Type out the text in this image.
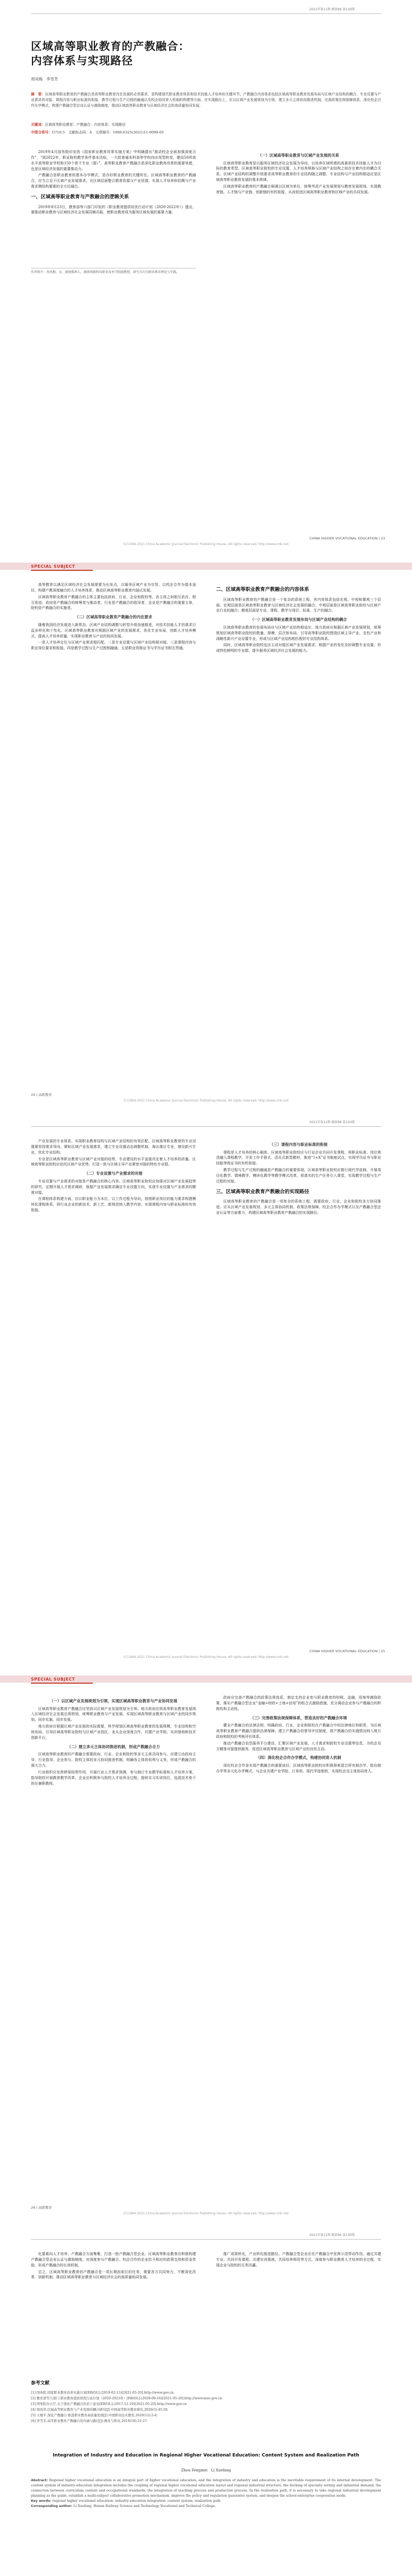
2021年第11期 總第96 第130期
区域高等职业教育的产教融合：
内容体系与实现路径
周凤梅　李雪芳
摘　要：区域高等职业教育的产教融合是高等职业教育内在发展的必然要求，是构建现代职业教育体系和技术技能人才培养的关键环节。产教融合内容体系包括区域高等职业教育发展布局与区域产业结构的耦合、专业设置与产业需求的对接、课程内容与职业标准的衔接、教学过程与生产过程的融通以及校企协同育人机制的构建等方面。在实现路径上，应以区域产业发展规划为引领，建立多元主体协同推进机制，完善政策法规保障体系，深化校企合作办学模式，构建产教融合型企业认证与激励制度，推动区域高等职业教育与区域经济社会的高质量协同发展。
关键词：区域高等职业教育；产教融合；内容体系；实现路径
中图分类号：G718.5　文献标志码：A　文章编号：1008-0325(2021)11-0090-05

2019年4月国务院印发的《国家职业教育改革实施方案》中明确提出“推动校企全面加强深度合作”，“到2022年，职业院校教学条件基本达标，一大批普通本科高等学校向应用型转变，建设50所高水平高等职业学校和150个骨干专业（群）”。高等职业教育产教融合是深化职业教育改革的重要举措，也是区域经济发展的重要推动力。

产教融合是职业教育的基本办学模式，是办好职业教育的关键所在。区域高等职业教育的产教融合，应当立足于区域产业发展需求，在区域层面整合教育资源与产业资源，实现人才培养供给侧与产业需求侧结构要素的全方位融合。

一、区域高等职业教育与产教融合的逻辑关系

2019年8月23日，教育部等六部门印发的《职业教育提质培优行动计划（2020-2022年）》提出，要推动职业教育与区域经济社会发展同频共振，使职业教育成为服务区域发展的重要力量。

（一）区域高等职业教育与区域产业发展的关系

区域高等职业教育是以服务区域经济社会发展为导向，以培养区域所需的高素质技术技能人才为目标的教育类型。区域高等职业院校的专业设置、人才培养规格与区域产业结构之间存在着内在的耦合关系。区域产业结构的调整升级要求高等职业教育的专业结构随之调整，专业结构与产业结构相适应是区域高等职业教育发展的基本规律。

区域高等职业教育的产教融合强调以区域为单位，统筹考虑产业发展规划与教育发展规划，实现教育链、人才链与产业链、创新链的有机衔接，从而促进区域高等职业教育和区域产业的共同发展。

作者简介：周凤梅，女，湖南株洲人，湖南铁路科技职业技术学院副教授，研究方向为职业教育理论与实践。
CHINA HIGHER VOCATIONAL EDUCATION | 23
(C)1994-2021 China Academic Journal Electronic Publishing House. All rights reserved. http://www.cnki.net
SPECIAL SUBJECT

高等教育以满足区域经济社会发展需要为出发点，以服务区域产业为宗旨，以校企合作为基本途径，构建产教深度融合的人才培养体系，推动区域高等职业教育内涵式发展。

区域高等职业教育产教融合的主体主要包括政府、行业、企业和院校等，各主体之间相互依存、相互促进。政府是产教融合的统筹者与推动者，行业是产教融合的指导者，企业是产教融合的重要主体，院校是产教融合的实施者。

（二）区域高等职业教育产教融合的内在要求

随着我国经济发展进入新常态，区域产业结构调整与转型升级加速推进，对技术技能人才的需求日益多样化和个性化。区域高等职业教育应根据区域产业的发展需求，优化专业布局，创新人才培养模式，提高人才培养质量，实现职业教育与产业的协同发展。

一是人才培养定位与区域产业需求相匹配。二是专业设置与区域产业结构相对接。三是课程内容与职业岗位要求相衔接。四是教学过程与生产过程相融通。五是职业资格证书与学历证书相互贯通。

二、区域高等职业教育产教融合的内容体系

区域高等职业教育的产教融合是一个复杂的系统工程，其内容体系包括宏观、中观和微观三个层面。宏观层面是区域高等职业教育与区域经济社会发展的融合；中观层面是区域高等职业院校与区域产业行业的融合；微观层面是专业、课程、教学与岗位、标准、生产的融合。

（一）区域高等职业教育发展布局与区域产业结构的耦合

区域高等职业教育的发展布局应与区域产业结构相适应。地方政府应根据区域产业发展规划，统筹规划区域高等职业院校的数量、规模、层次和布局，引导高等职业院校围绕区域主导产业、支柱产业和战略性新兴产业设置专业，形成与区域产业结构相匹配的专业结构体系。

同时，区域高等职业院校也应主动对接区域产业发展需求，根据产业的变化及时调整专业设置，形成特色鲜明的专业群，提升服务区域经济社会发展的能力。

24 | 高职教育
(C)1994-2021 China Academic Journal Electronic Publishing House. All rights reserved. http://www.cnki.net
2021年第11期 總第96 第130期

产业发展的专业体系，实现职业教育结构与区域产业结构的有效匹配。区域高等职业教育的专业设置要坚持需求导向，紧贴区域产业发展需求，建立专业设置动态调整机制，淘汰落后专业，增设新兴专业，优化专业结构。

专业是区域高等职业教育与区域产业对接的纽带，专业建设的水平直接决定着人才培养的质量。区域高等职业院校应依托区域产业优势，打造一批与区域主导产业紧密对接的特色专业群。

（二）专业设置与产业需求的对接

专业设置与产业需求的对接是产教融合的核心内容。区域高等职业院校应加强对区域产业发展趋势的研究，定期开展人才需求调研，根据产业发展需求确定专业设置方向，实现专业设置与产业需求的精准对接。

在课程体系构建方面，应以职业能力为本位，以工作过程为导向，按照职业岗位的能力要求构建模块化课程体系，将行业企业的新技术、新工艺、新规范纳入教学内容，实现课程内容与职业标准的有效衔接。

（三）课程内容与职业标准的衔接

课程是人才培养的核心载体。区域高等职业院校应与行业企业共同开发课程，将职业标准、岗位规范融入课程教学，开发工作手册式、活页式新型教材，推进“1+X”证书制度试点，实现学历证书与职业技能等级证书的有机衔接。

教学过程与生产过程的融通是产教融合的重要体现。区域高等职业院校应推行现代学徒制，开展项目化教学、情境教学、模块化教学等教学模式改革，将真实的生产任务引入课堂，实现教学过程与生产过程的对接。

三、区域高等职业教育产教融合的实现路径

区域高等职业教育的产教融合是一项复杂的系统工程，需要政府、行业、企业和院校多方协同推进。应从区域产业发展规划、多元主体协同机制、政策法规保障、校企合作办学模式以及产教融合型企业认证等方面着力，构建区域高等职业教育产教融合的实现路径。

CHINA HIGHER VOCATIONAL EDUCATION | 25
(C)1994-2021 China Academic Journal Electronic Publishing House. All rights reserved. http://www.cnki.net
SPECIAL SUBJECT
（一）以区域产业发展规划为引领，实现区域高等职业教育与产业协同发展

区域高等职业教育产教融合应坚持以区域产业发展规划为引领。地方政府应将高等职业教育发展纳入区域经济社会发展总体规划，统筹职业教育与产业发展，实现区域高等职业教育与区域产业的同步规划、同步实施、同步发展。

地方政府应根据区域产业发展的实际需要，科学规划区域高等职业教育的发展规模、专业结构和空间布局，引导区域高等职业院校与区域产业园区、龙头企业深度合作，共建产业学院、实训基地和技术创新平台。

（二）建立多元主体协同推进机制，形成产教融合合力

区域高等职业教育的产教融合需要政府、行业、企业和院校等多元主体共同参与。应建立由政府主导、行业指导、企业参与、院校主体的多元协同推进机制，明确各主体的权利与义务，形成产教融合的强大合力。

行业组织应发挥桥梁纽带作用，开展行业人才需求预测，参与制订专业教学标准和人才培养方案，指导院校开展教育教学改革。企业应积极参与院校人才培养全过程，提供实习实训岗位，选派技术骨干担任兼职教师。

政府应完善产教融合的政策法规体系，制定支持企业参与职业教育的财税、金融、用地等激励政策，落实产教融合型企业“金融+财政+土地+信用”的组合式激励措施，充分调动企业参与产教融合的积极性和主动性。

（三）完善政策法规保障体系，营造良好的产教融合环境

健全产教融合的法律法规，明确政府、行业、企业和院校在产教融合中的法律地位和职责，为区域高等职业教育产教融合提供法律保障。建立产教融合的督导评估制度，将产教融合的实施情况纳入地方政府和院校的考核评价体系。

推动产教融合信息服务平台建设，汇聚区域产业发展、人才需求和院校专业设置等信息，为校企双方精准对接提供服务，促进区域高等职业教育与区域产业的良性互动。

（四）深化校企合作办学模式，构建协同育人机制

深化校企合作是实现产教融合的重要途径。区域高等职业院校应积极探索混合所有制办学、股份制办学等多元化办学模式，与企业共建产业学院、订单班、现代学徒制班，实现校企双主体协同育人。

26 | 高职教育
(C)1994-2021 China Academic Journal Electronic Publishing House. All rights reserved. http://www.cnki.net
2021年第11期 總第96 第130期

化要素向人才培养、产教融合方面集聚，打造一批产教融合型企业。区域高等职业教育应积极构建产教融合型企业认证与激励制度，对深度参与产教融合、校企合作的企业给予相应的政策支持和资金奖励，形成产教融合的长效机制。

总之，区域高等职业教育的产教融合是一项长期而艰巨的任务，需要各方共同努力，不断深化改革、创新机制，推动区域高等职业教育与区域经济社会的高质量协同发展。

推广成果转化，产业转化推进路径。产教融合型企业应在产教融合中发挥示范带动作用，通过共建专业、共同开发课程、共建实训基地、共同培养师资等方式，深度参与职业教育人才培养的全过程，实现企业与院校的互利共赢。

参考文献
[1] 国务院.国家职业教育改革实施方案[EB/OL].(2019-02-13)[2021-05-20].http://www.gov.cn.
[2] 教育部等九部门.职业教育提质培优行动计划（2020-2023年）[EB/OL].(2020-09-16)[2021-05-20].http://www.moe.gov.cn.
[3] 国务院办公厅.关于深化产教融合的若干意见[EB/OL].(2017-12-19)[2021-05-20].http://www.gov.cn.
[4] 周凤华.区域高等职业教育与产业发展的耦合研究[J].中国高等职业教育研究,2020(3):45-50.
[5] 王继平.深化产教融合 推进职业教育高质量发展[J].中国职业技术教育,2020(12):5-8.
[6] 李雪芳.高等职业教育产教融合的内涵与路径[J].教育与职业,2019(18):22-27.
Integration of Industry and Education in Regional Higher Vocational Education: Content System and Realization Path
Zhou Fengmei　Li Xuefang
Abstract: Regional higher vocational education is an integral part of higher vocational education, and the integration of industry and education is the inevitable requirement of its internal development. The content system of industry-education integration includes the coupling of regional higher vocational education layout and regional industrial structure, the docking of specialty setting and industrial demand, the connection between curriculum content and occupational standards, the integration of teaching process and production process. In the realization path, it is necessary to take regional industrial development planning as the guide, establish a multi-subject collaborative promotion mechanism, improve the policy and regulation guarantee system, and deepen the school-enterprise cooperation mode.
Key words: regional higher vocational education; industry-education integration; content system; realization path
Corresponding author: Li Xuefang, Hunan Railway Science and Technology Vocational and Technical College.
